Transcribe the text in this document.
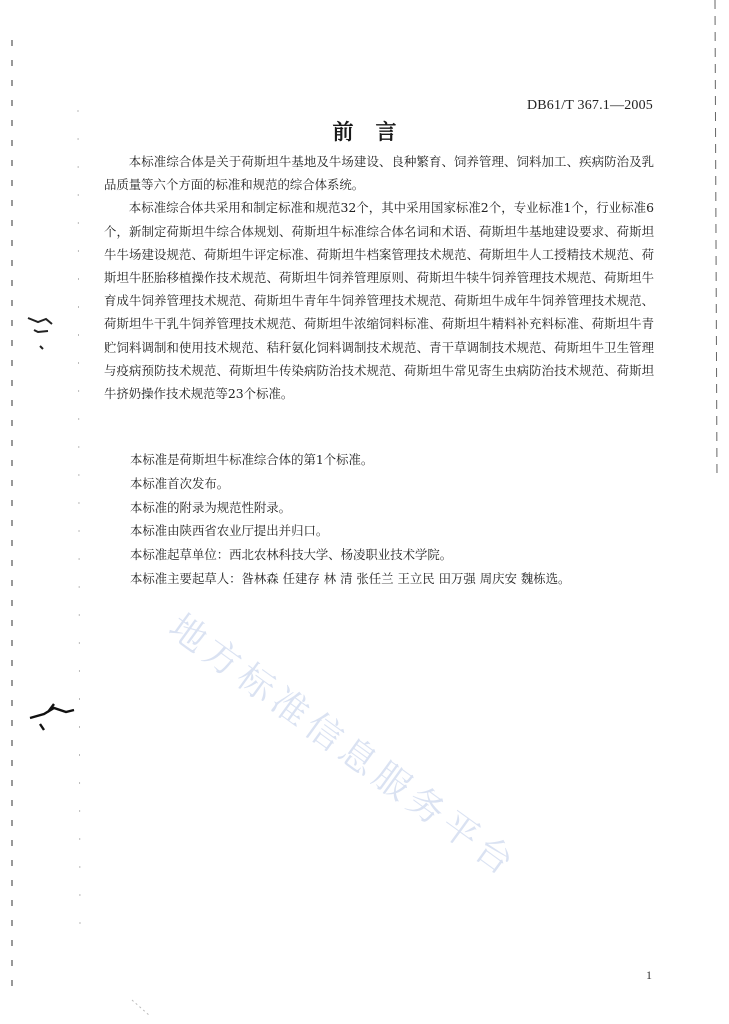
DB61/T 367.1—2005
前 言

本标准综合体是关于荷斯坦牛基地及牛场建设、良种繁育、饲养管理、饲料加工、疾病防治及乳品质量等六个方面的标准和规范的综合体系统。

本标准综合体共采用和制定标准和规范32个，其中采用国家标准2个，专业标准1个，行业标准6个，新制定荷斯坦牛综合体规划、荷斯坦牛标准综合体名词和术语、荷斯坦牛基地建设要求、荷斯坦牛牛场建设规范、荷斯坦牛评定标准、荷斯坦牛档案管理技术规范、荷斯坦牛人工授精技术规范、荷斯坦牛胚胎移植操作技术规范、荷斯坦牛饲养管理原则、荷斯坦牛犊牛饲养管理技术规范、荷斯坦牛育成牛饲养管理技术规范、荷斯坦牛青年牛饲养管理技术规范、荷斯坦牛成年牛饲养管理技术规范、荷斯坦牛干乳牛饲养管理技术规范、荷斯坦牛浓缩饲料标准、荷斯坦牛精料补充料标准、荷斯坦牛青贮饲料调制和使用技术规范、秸秆氨化饲料调制技术规范、青干草调制技术规范、荷斯坦牛卫生管理与疫病预防技术规范、荷斯坦牛传染病防治技术规范、荷斯坦牛常见寄生虫病防治技术规范、荷斯坦牛挤奶操作技术规范等23个标准。

本标准是荷斯坦牛标准综合体的第1个标准。
本标准首次发布。
本标准的附录为规范性附录。
本标准由陕西省农业厅提出并归口。
本标准起草单位：西北农林科技大学、杨凌职业技术学院。
本标准主要起草人：昝林森 任建存 林 清 张任兰 王立民 田万强 周庆安 魏栋选。
地方标准信息服务平台
1
